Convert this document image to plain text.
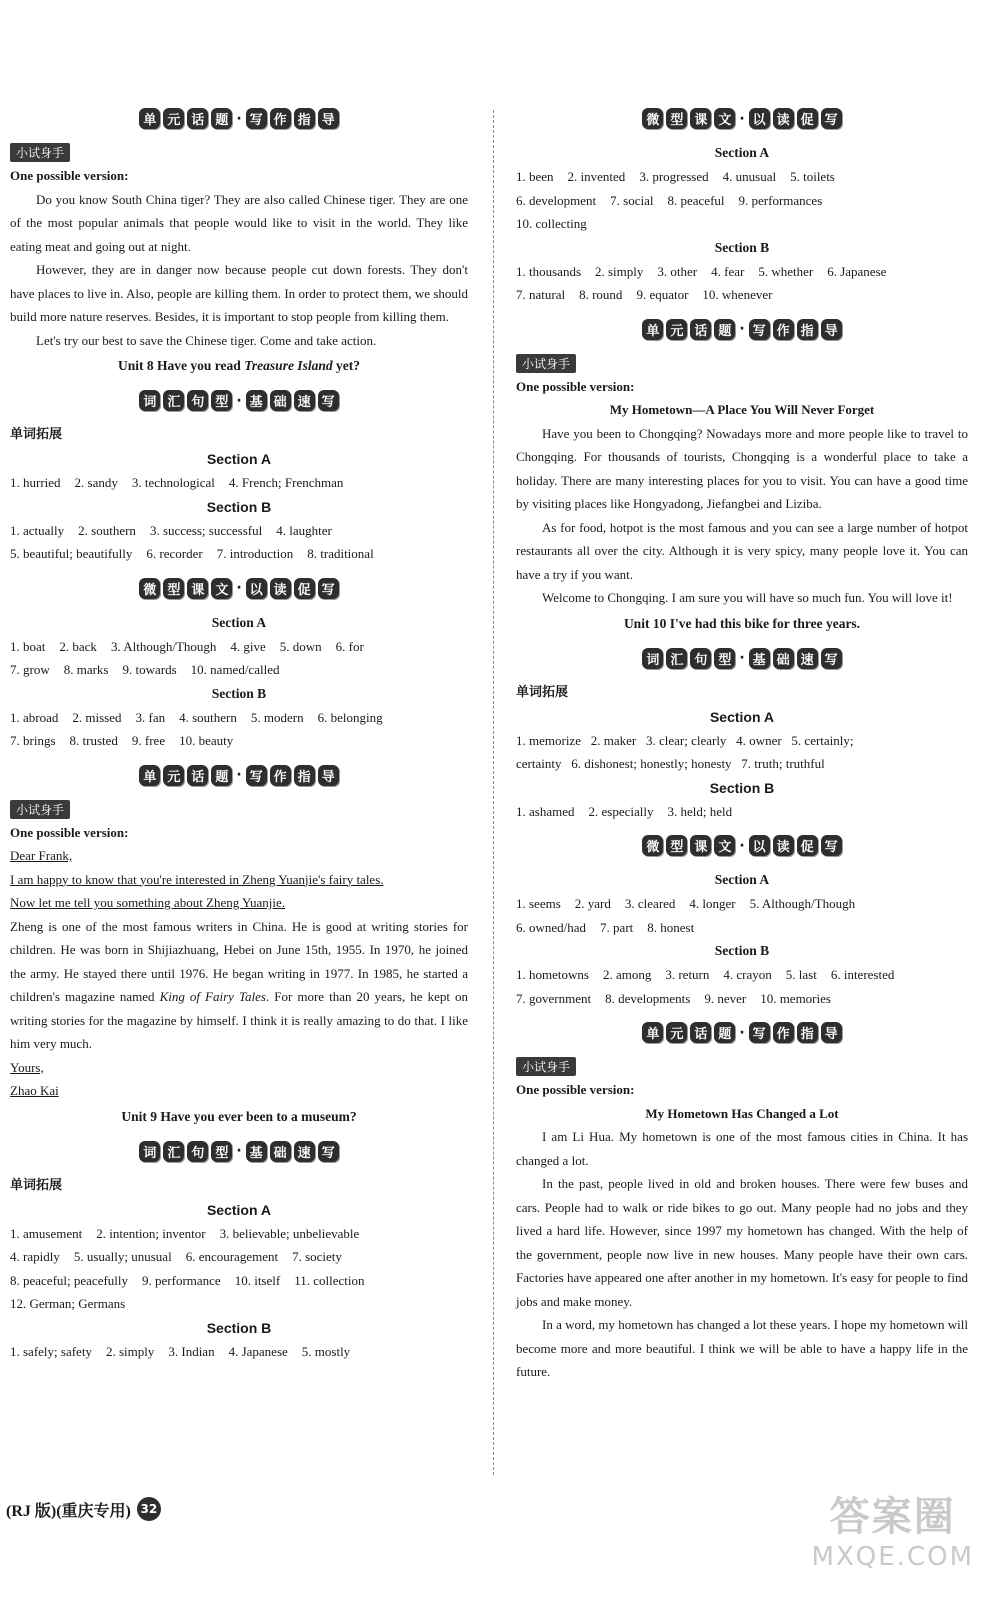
单 元 话 题 · 写 作 指 导
小试身手

One possible version:

Do you know South China tiger? They are also called Chinese tiger. They are one of the most popular animals that people would like to visit in the world. They like eating meat and going out at night.

However, they are in danger now because people cut down forests. They don't have places to live in. Also, people are killing them. In order to protect them, we should build more nature reserves. Besides, it is important to stop people from killing them.

Let's try our best to save the Chinese tiger. Come and take action.

Unit 8 Have you read Treasure Island yet?
词 汇 句 型 · 基 础 速 写
单词拓展
Section A
1. hurried 2. sandy 3. technological 4. French; Frenchman
Section B
1. actually 2. southern 3. success; successful 4. laughter
5. beautiful; beautifully 6. recorder 7. introduction 8. traditional
微 型 课 文 · 以 读 促 写
Section A
1. boat 2. back 3. Although/Though 4. give 5. down 6. for
7. grow 8. marks 9. towards 10. named/called
Section B
1. abroad 2. missed 3. fan 4. southern 5. modern 6. belonging
7. brings 8. trusted 9. free 10. beauty
单 元 话 题 · 写 作 指 导
小试身手

One possible version:

Dear Frank,

I am happy to know that you're interested in Zheng Yuanjie's fairy tales.

Now let me tell you something about Zheng Yuanjie.

Zheng is one of the most famous writers in China. He is good at writing stories for children. He was born in Shijiazhuang, Hebei on June 15th, 1955. In 1970, he joined the army. He stayed there until 1976. He began writing in 1977. In 1985, he started a children's magazine named King of Fairy Tales. For more than 20 years, he kept on writing stories for the magazine by himself. I think it is really amazing to do that. I like him very much.

Yours,

Zhao Kai

Unit 9 Have you ever been to a museum?
词 汇 句 型 · 基 础 速 写
单词拓展
Section A
1. amusement 2. intention; inventor 3. believable; unbelievable
4. rapidly 5. usually; unusual 6. encouragement 7. society
8. peaceful; peacefully 9. performance 10. itself 11. collection
12. German; Germans
Section B
1. safely; safety 2. simply 3. Indian 4. Japanese 5. mostly
微 型 课 文 · 以 读 促 写
Section A
1. been 2. invented 3. progressed 4. unusual 5. toilets
6. development 7. social 8. peaceful 9. performances
10. collecting
Section B
1. thousands 2. simply 3. other 4. fear 5. whether 6. Japanese
7. natural 8. round 9. equator 10. whenever
单 元 话 题 · 写 作 指 导
小试身手

One possible version:

My Hometown—A Place You Will Never Forget

Have you been to Chongqing? Nowadays more and more people like to travel to Chongqing. For thousands of tourists, Chongqing is a wonderful place to take a holiday. There are many interesting places for you to visit. You can have a good time by visiting places like Hongyadong, Jiefangbei and Liziba.

As for food, hotpot is the most famous and you can see a large number of hotpot restaurants all over the city. Although it is very spicy, many people love it. You can have a try if you want.

Welcome to Chongqing. I am sure you will have so much fun. You will love it!

Unit 10 I've had this bike for three years.
词 汇 句 型 · 基 础 速 写
单词拓展
Section A
1. memorize   2. maker   3. clear; clearly   4. owner   5. certainly;
certainty   6. dishonest; honestly; honesty   7. truth; truthful
Section B
1. ashamed 2. especially 3. held; held
微 型 课 文 · 以 读 促 写
Section A
1. seems 2. yard 3. cleared 4. longer 5. Although/Though
6. owned/had 7. part 8. honest
Section B
1. hometowns 2. among 3. return 4. crayon 5. last 6. interested
7. government 8. developments 9. never 10. memories
单 元 话 题 · 写 作 指 导
小试身手

One possible version:

My Hometown Has Changed a Lot

I am Li Hua. My hometown is one of the most famous cities in China. It has changed a lot.

In the past, people lived in old and broken houses. There were few buses and cars. People had to walk or ride bikes to go out. Many people had no jobs and they lived a hard life. However, since 1997 my hometown has changed. With the help of the government, people now live in new houses. Many people have their own cars. Factories have appeared one after another in my hometown. It's easy for people to find jobs and make money.

In a word, my hometown has changed a lot these years. I hope my hometown will become more and more beautiful. I think we will be able to have a happy life in the future.

(RJ 版)(重庆专用) 32	答案圈
MXQE.COM
